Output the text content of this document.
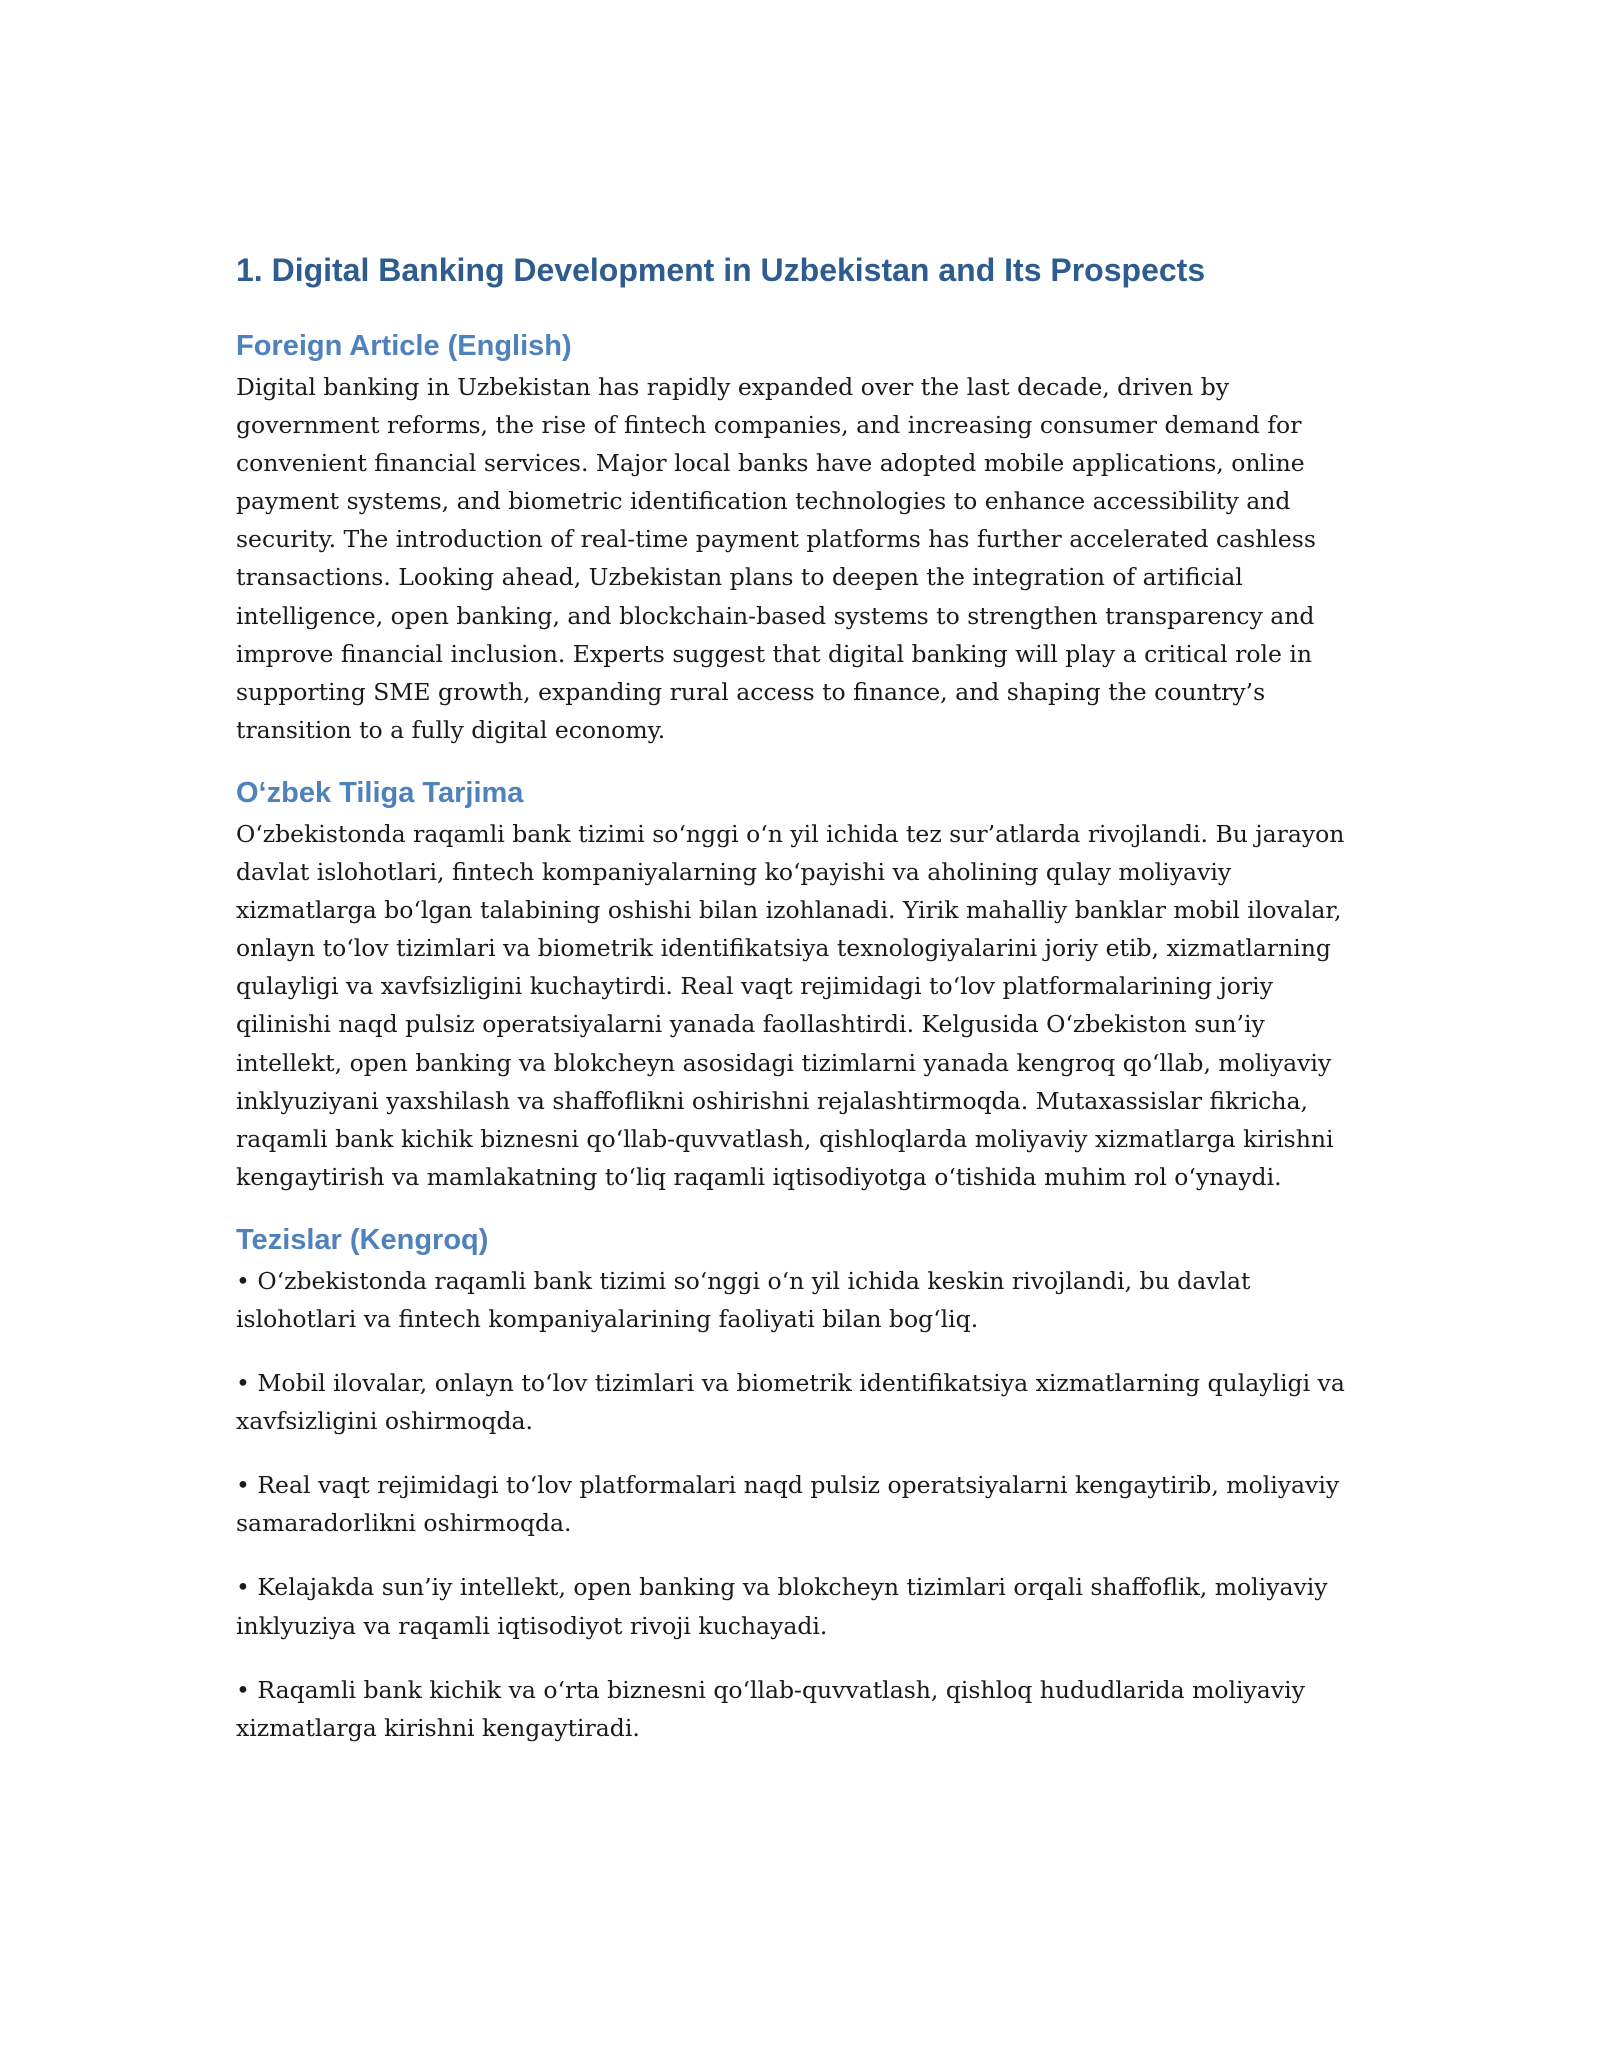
1. Digital Banking Development in Uzbekistan and Its Prospects
Foreign Article (English)

Digital banking in Uzbekistan has rapidly expanded over the last decade, driven by government reforms, the rise of fintech companies, and increasing consumer demand for convenient financial services. Major local banks have adopted mobile applications, online payment systems, and biometric identification technologies to enhance accessibility and security. The introduction of real-time payment platforms has further accelerated cashless transactions. Looking ahead, Uzbekistan plans to deepen the integration of artificial intelligence, open banking, and blockchain-based systems to strengthen transparency and improve financial inclusion. Experts suggest that digital banking will play a critical role in supporting SME growth, expanding rural access to finance, and shaping the country’s transition to a fully digital economy.

O‘zbek Tiliga Tarjima

O‘zbekistonda raqamli bank tizimi so‘nggi o‘n yil ichida tez sur’atlarda rivojlandi. Bu jarayon davlat islohotlari, fintech kompaniyalarning ko‘payishi va aholining qulay moliyaviy xizmatlarga bo‘lgan talabining oshishi bilan izohlanadi. Yirik mahalliy banklar mobil ilovalar, onlayn to‘lov tizimlari va biometrik identifikatsiya texnologiyalarini joriy etib, xizmatlarning qulayligi va xavfsizligini kuchaytirdi. Real vaqt rejimidagi to‘lov platformalarining joriy qilinishi naqd pulsiz operatsiyalarni yanada faollashtirdi. Kelgusida O‘zbekiston sun’iy intellekt, open banking va blokcheyn asosidagi tizimlarni yanada kengroq qo‘llab, moliyaviy inklyuziyani yaxshilash va shaffoflikni oshirishni rejalashtirmoqda. Mutaxassislar fikricha, raqamli bank kichik biznesni qo‘llab-quvvatlash, qishloqlarda moliyaviy xizmatlarga kirishni kengaytirish va mamlakatning to‘liq raqamli iqtisodiyotga o‘tishida muhim rol o‘ynaydi.

Tezislar (Kengroq)

• O‘zbekistonda raqamli bank tizimi so‘nggi o‘n yil ichida keskin rivojlandi, bu davlat islohotlari va fintech kompaniyalarining faoliyati bilan bog‘liq.

• Mobil ilovalar, onlayn to‘lov tizimlari va biometrik identifikatsiya xizmatlarning qulayligi va xavfsizligini oshirmoqda.

• Real vaqt rejimidagi to‘lov platformalari naqd pulsiz operatsiyalarni kengaytirib, moliyaviy samaradorlikni oshirmoqda.

• Kelajakda sun’iy intellekt, open banking va blokcheyn tizimlari orqali shaffoflik, moliyaviy inklyuziya va raqamli iqtisodiyot rivoji kuchayadi.

• Raqamli bank kichik va o‘rta biznesni qo‘llab-quvvatlash, qishloq hududlarida moliyaviy xizmatlarga kirishni kengaytiradi.
